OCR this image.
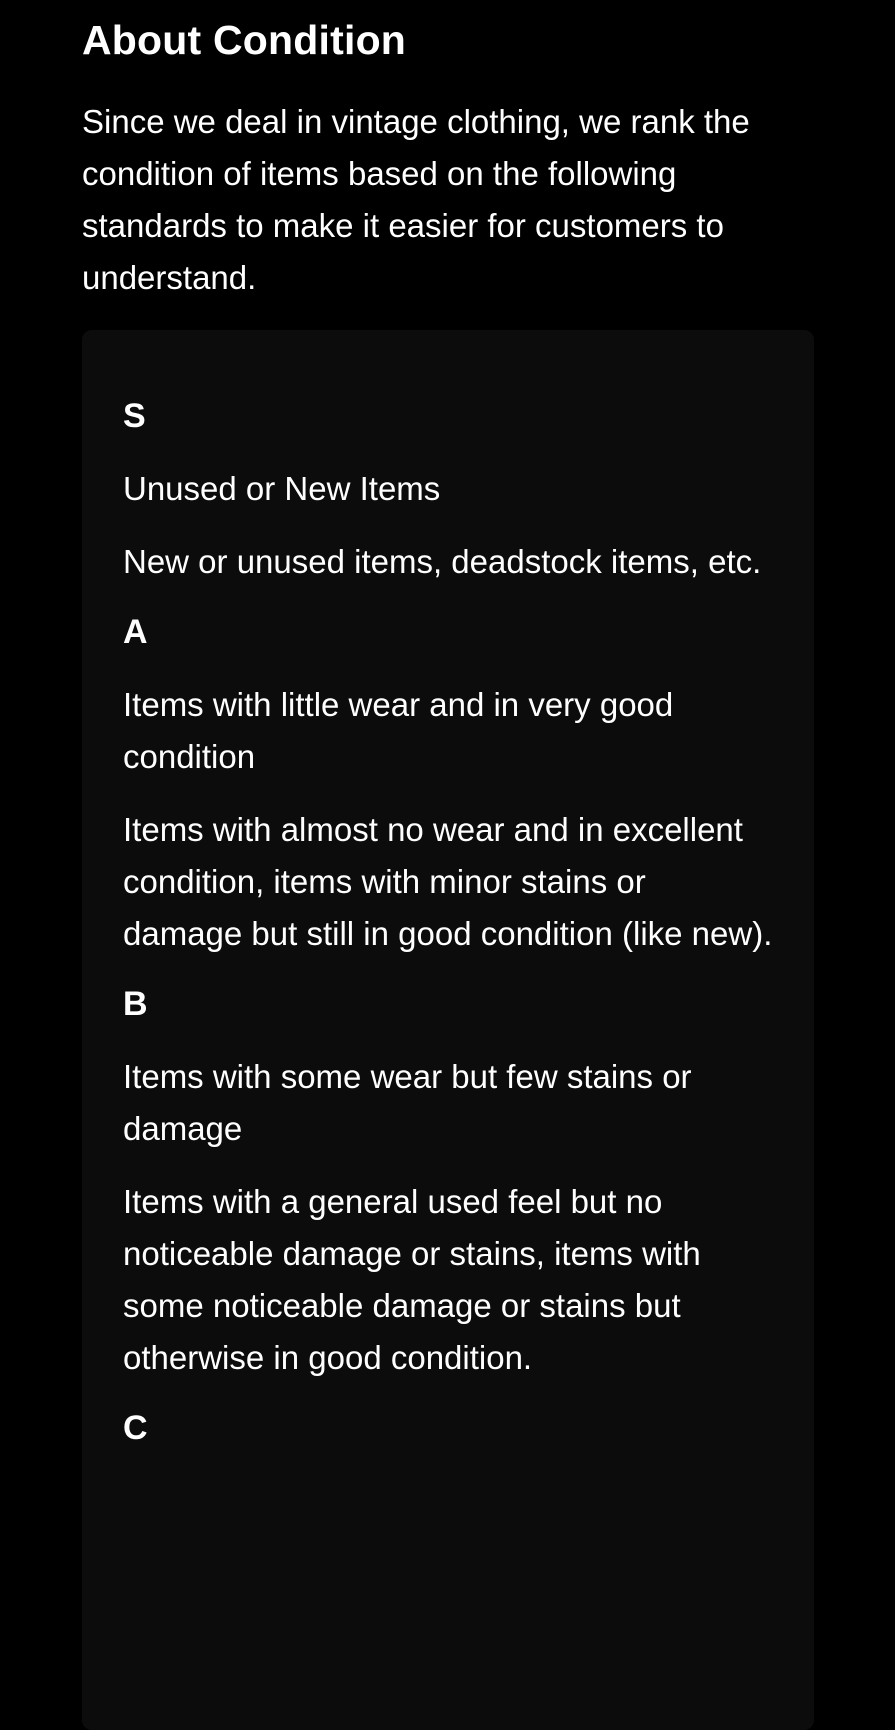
About Condition

Since we deal in vintage clothing, we rank the condition of items based on the following standards to make it easier for customers to understand.

S
Unused or New Items
New or unused items, deadstock items, etc.
A
Items with little wear and in very good condition
Items with almost no wear and in excellent condition, items with minor stains or damage but still in good condition (like new).
B
Items with some wear but few stains or damage
Items with a general used feel but no noticeable damage or stains, items with some noticeable damage or stains but otherwise in good condition.
C
